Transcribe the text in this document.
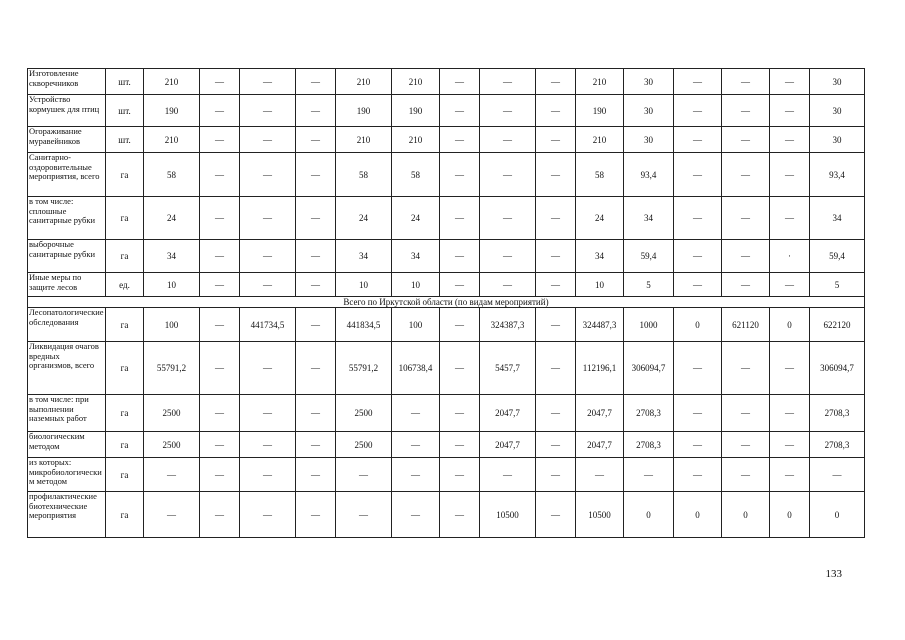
Изготовление скворечников	шт.	210	—	—	—	210	210	—	—	—	210	30	—	—	—	30
Устройство кормушек для птиц	шт.	190	—	—	—	190	190	—	—	—	190	30	—	—	—	30
Огораживание муравейников	шт.	210	—	—	—	210	210	—	—	—	210	30	—	—	—	30
Санитарно-оздоровительные мероприятия, всего	га	58	—	—	—	58	58	—	—	—	58	93,4	—	—	—	93,4
в том числе: сплошные санитарные рубки	га	24	—	—	—	24	24	—	—	—	24	34	—	—	—	34
выборочные санитарные рубки	га	34	—	—	—	34	34	—	—	—	34	59,4	—	—	·	59,4
Иные меры по защите лесов	ед.	10	—	—	—	10	10	—	—	—	10	5	—	—	—	5
Всего по Иркутской области (по видам мероприятий)																
Лесопатологические обследования	га	100	—	441734,5	—	441834,5	100	—	324387,3	—	324487,3	1000	0	621120	0	622120
Ликвидация очагов вредных организмов, всего	га	55791,2	—	—	—	55791,2	106738,4	—	5457,7	—	112196,1	306094,7	—	—	—	306094,7
в том числе: при выполнении наземных работ	га	2500	—	—	—	2500	—	—	2047,7	—	2047,7	2708,3	—	—	—	2708,3
биологическим методом	га	2500	—	—	—	2500	—	—	2047,7	—	2047,7	2708,3	—	—	—	2708,3
из которых: микробиологическим методом	га	—	—	—	—	—	—	—	—	—	—	—	—	—	—	—
профилактические биотехнические мероприятия	га	—	—	—	—	—	—	—	10500	—	10500	0	0	0	0	0
133
